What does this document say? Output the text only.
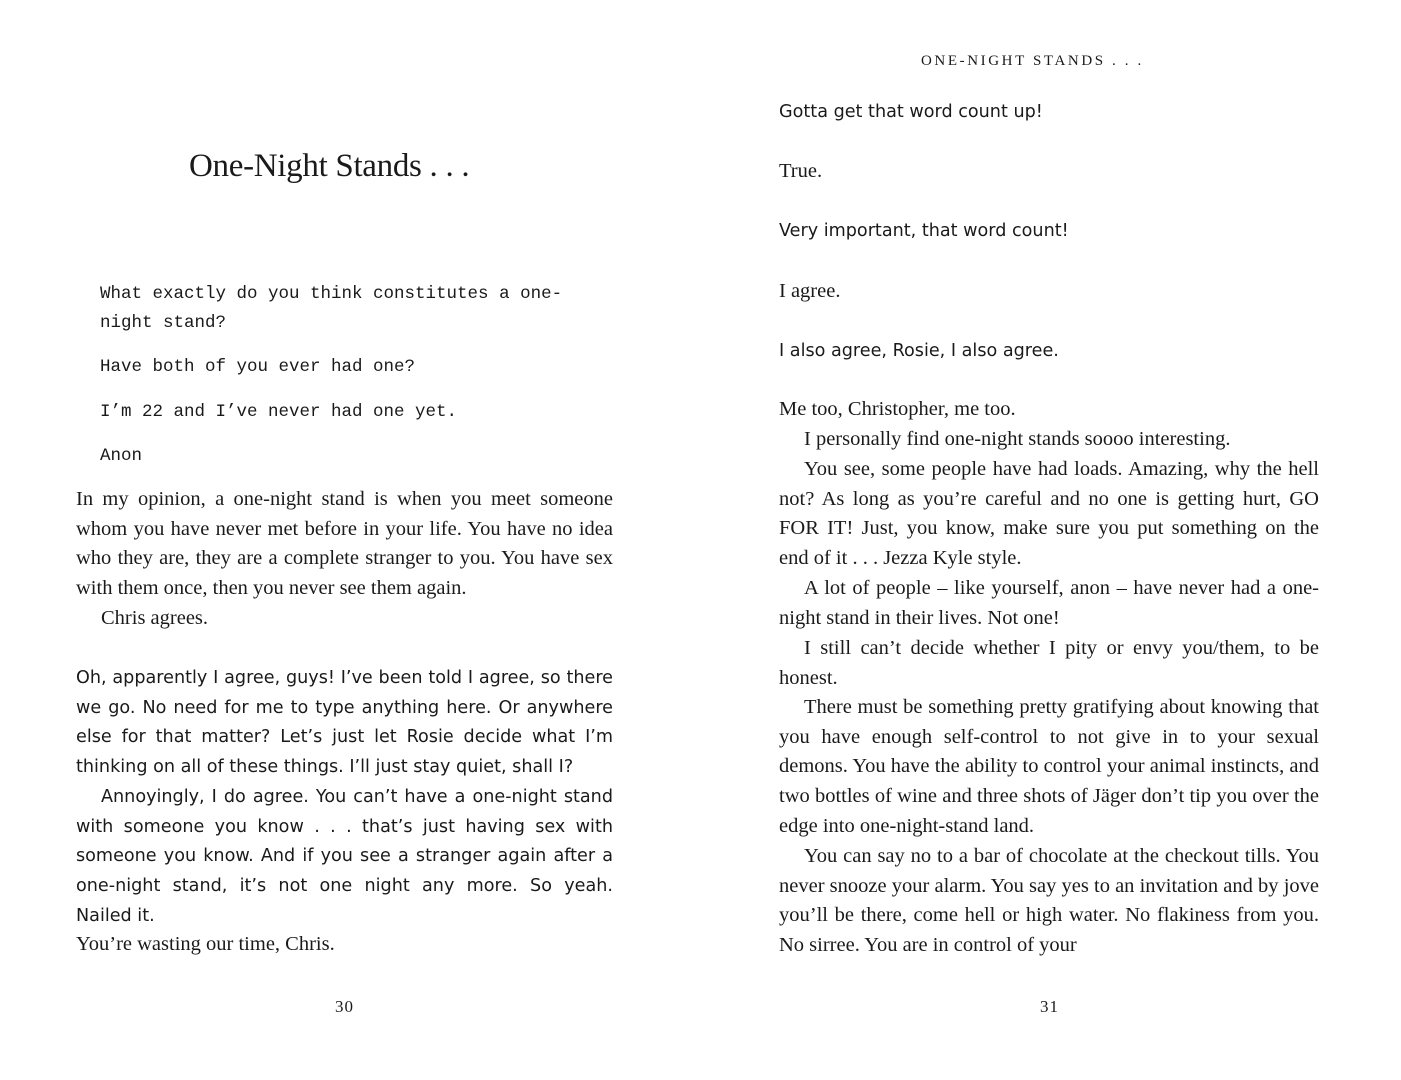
One-Night Stands . . .

What exactly do you think constitutes a one-

night stand?

Have both of you ever had one?

I’m 22 and I’ve never had one yet.

Anon

In my opinion, a one-night stand is when you meet someone whom you have never met before in your life. You have no idea who they are, they are a complete stranger to you. You have sex with them once, then you never see them again.

Chris agrees.

Oh, apparently I agree, guys! I’ve been told I agree, so there we go. No need for me to type anything here. Or anywhere else for that matter? Let’s just let Rosie decide what I’m thinking on all of these things. I’ll just stay quiet, shall I?

Annoyingly, I do agree. You can’t have a one-night stand with someone you know . . . that’s just having sex with someone you know. And if you see a stranger again after a one-night stand, it’s not one night any more. So yeah. Nailed it.

You’re wasting our time, Chris.

30

ONE-NIGHT STANDS . . .

Gotta get that word count up!

True.

Very important, that word count!

I agree.

I also agree, Rosie, I also agree.

Me too, Christopher, me too.

I personally find one-night stands soooo interesting.

You see, some people have had loads. Amazing, why the hell not? As long as you’re careful and no one is getting hurt, GO FOR IT! Just, you know, make sure you put something on the end of it . . . Jezza Kyle style.

A lot of people – like yourself, anon – have never had a one-night stand in their lives. Not one!

I still can’t decide whether I pity or envy you/them, to be honest.

There must be something pretty gratifying about knowing that you have enough self-control to not give in to your sexual demons. You have the ability to control your animal instincts, and two bottles of wine and three shots of Jäger don’t tip you over the edge into one-night-stand land.

You can say no to a bar of chocolate at the checkout tills. You never snooze your alarm. You say yes to an invitation and by jove you’ll be there, come hell or high water. No flakiness from you. No sirree. You are in control of your

31
